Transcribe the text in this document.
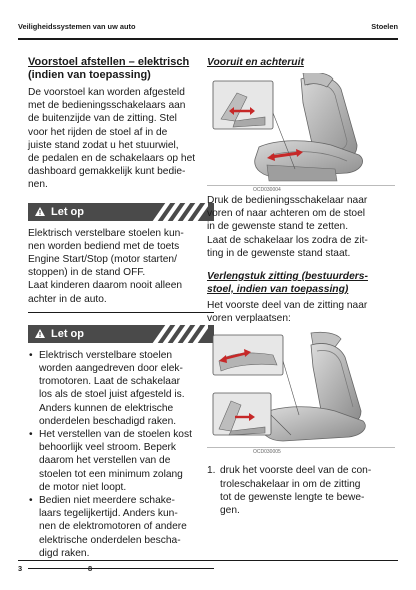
Veiligheidssystemen van uw auto	Stoelen
Voorstoel afstellen – elektrisch
(indien van toepassing)
De voorstoel kan worden afgesteld
met de bedieningsschakelaars aan
de buitenzijde van de zitting. Stel
voor het rijden de stoel af in de
juiste stand zodat u het stuurwiel,
de pedalen en de schakelaars op het
dashboard gemakkelijk kunt bedie-
nen.
Let op
Elektrisch verstelbare stoelen kun-
nen worden bediend met de toets
Engine Start/Stop (motor starten/
stoppen) in de stand OFF.
Laat kinderen daarom nooit alleen
achter in de auto.
Let op
• Elektrisch verstelbare stoelen
worden aangedreven door elek-
tromotoren. Laat de schakelaar
los als de stoel juist afgesteld is.
Anders kunnen de elektrische
onderdelen beschadigd raken.
• Het verstellen van de stoelen kost
behoorlijk veel stroom. Beperk
daarom het verstellen van de
stoelen tot een minimum zolang
de motor niet loopt.
• Bedien niet meerdere schake-
laars tegelijkertijd. Anders kun-
nen de elektromotoren of andere
elektrische onderdelen bescha-
digd raken.
Vooruit en achteruit
OCD030004
Druk de bedieningsschakelaar naar
voren of naar achteren om de stoel
in de gewenste stand te zetten.
Laat de schakelaar los zodra de zit-
ting in de gewenste stand staat.
Verlengstuk zitting (bestuurders-
stoel, indien van toepassing)
Het voorste deel van de zitting naar
voren verplaatsen:
OCD030005
1. druk het voorste deel van de con-
troleschakelaar in om de zitting
tot de gewenste lengte te bewe-
gen.
3	8
